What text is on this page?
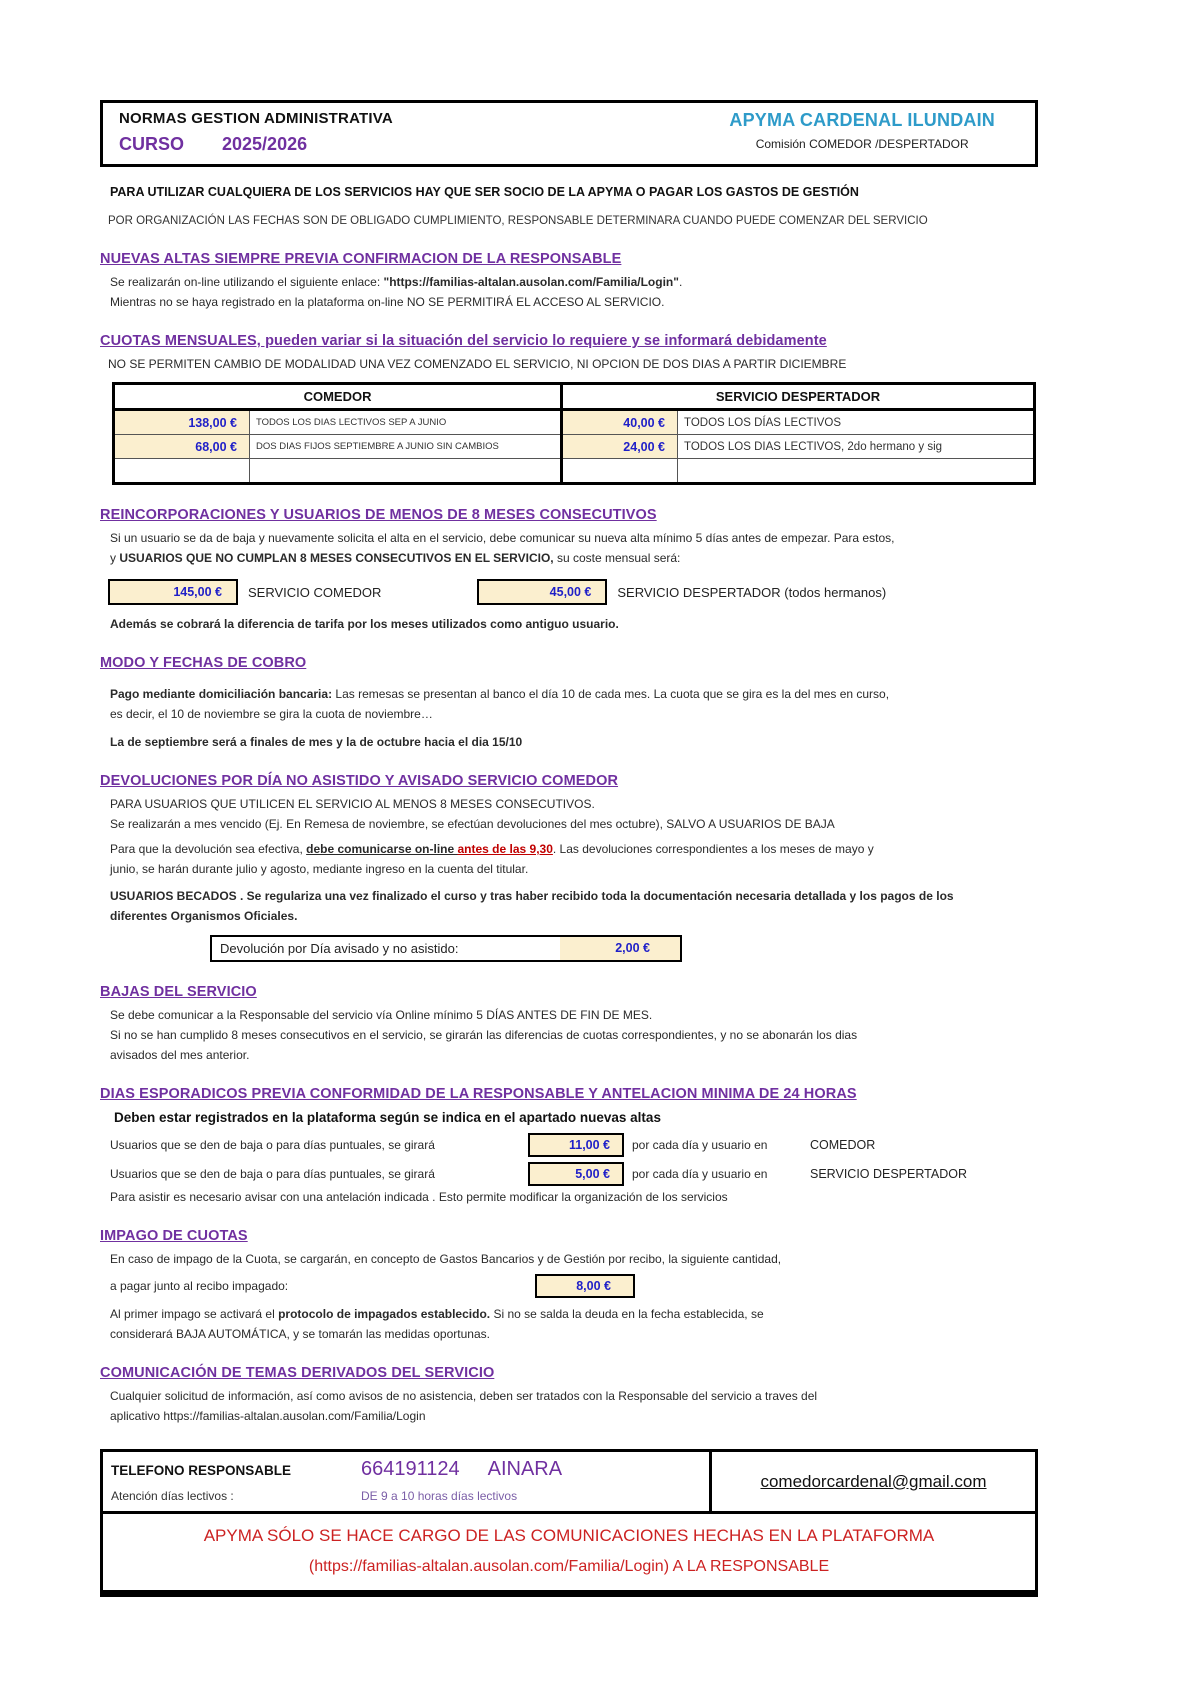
NORMAS GESTION ADMINISTRATIVA
CURSO 2025/2026
APYMA CARDENAL ILUNDAIN
Comisión COMEDOR /DESPERTADOR
PARA UTILIZAR CUALQUIERA DE LOS SERVICIOS HAY QUE SER SOCIO DE LA APYMA O PAGAR LOS GASTOS DE GESTIÓN
POR ORGANIZACIÓN LAS FECHAS SON DE OBLIGADO CUMPLIMIENTO, RESPONSABLE DETERMINARA CUANDO PUEDE COMENZAR DEL SERVICIO
NUEVAS ALTAS SIEMPRE PREVIA CONFIRMACION DE LA RESPONSABLE
Se realizarán on-line utilizando el siguiente enlace: "https://familias-altalan.ausolan.com/Familia/Login".
Mientras no se haya registrado en la plataforma on-line NO SE PERMITIRÁ EL ACCESO AL SERVICIO.
CUOTAS MENSUALES, pueden variar si la situación del servicio lo requiere y se informará debidamente
NO SE PERMITEN CAMBIO DE MODALIDAD UNA VEZ COMENZADO EL SERVICIO, NI OPCION DE DOS DIAS A PARTIR DICIEMBRE
COMEDOR		SERVICIO DESPERTADOR	
138,00 €	TODOS LOS DIAS LECTIVOS SEP A JUNIO	40,00 €	TODOS LOS DÍAS LECTIVOS
68,00 €	DOS DIAS FIJOS SEPTIEMBRE A JUNIO SIN CAMBIOS	24,00 €	TODOS LOS DIAS LECTIVOS, 2do hermano y sig

REINCORPORACIONES Y USUARIOS DE MENOS DE 8 MESES CONSECUTIVOS
Si un usuario se da de baja y nuevamente solicita el alta en el servicio, debe comunicar su nueva alta mínimo 5 días antes de empezar. Para estos,
y USUARIOS QUE NO CUMPLAN 8 MESES CONSECUTIVOS EN EL SERVICIO, su coste mensual será:
145,00 €	SERVICIO COMEDOR	45,00 €	SERVICIO DESPERTADOR (todos hermanos)
Además se cobrará la diferencia de tarifa por los meses utilizados como antiguo usuario.
MODO Y FECHAS DE COBRO
Pago mediante domiciliación bancaria: Las remesas se presentan al banco el día 10 de cada mes. La cuota que se gira es la del mes en curso,
es decir, el 10 de noviembre se gira la cuota de noviembre…
La de septiembre será a finales de mes y la de octubre hacia el dia 15/10
DEVOLUCIONES POR DÍA NO ASISTIDO Y AVISADO SERVICIO COMEDOR
PARA USUARIOS QUE UTILICEN EL SERVICIO AL MENOS 8 MESES CONSECUTIVOS.
Se realizarán a mes vencido (Ej. En Remesa de noviembre, se efectúan devoluciones del mes octubre), SALVO A USUARIOS DE BAJA
Para que la devolución sea efectiva, debe comunicarse on-line antes de las 9,30. Las devoluciones correspondientes a los meses de mayo y
junio, se harán durante julio y agosto, mediante ingreso en la cuenta del titular.
USUARIOS BECADOS . Se regulariza una vez finalizado el curso y tras haber recibido toda la documentación necesaria detallada y los pagos de los
diferentes Organismos Oficiales.
Devolución por Día avisado y no asistido:	2,00 €
BAJAS DEL SERVICIO
Se debe comunicar a la Responsable del servicio vía Online mínimo 5 DÍAS ANTES DE FIN DE MES.
Si no se han cumplido 8 meses consecutivos en el servicio, se girarán las diferencias de cuotas correspondientes, y no se abonarán los dias
avisados del mes anterior.
DIAS ESPORADICOS PREVIA CONFORMIDAD DE LA RESPONSABLE Y ANTELACION MINIMA DE 24 HORAS
Deben estar registrados en la plataforma según se indica en el apartado nuevas altas
Usuarios que se den de baja o para días puntuales, se girará	11,00 €	por cada día y usuario en	COMEDOR
Usuarios que se den de baja o para días puntuales, se girará	5,00 €	por cada día y usuario en	SERVICIO DESPERTADOR
Para asistir es necesario avisar con una antelación indicada . Esto permite modificar la organización de los servicios
IMPAGO DE CUOTAS
En caso de impago de la Cuota, se cargarán, en concepto de Gastos Bancarios y de Gestión por recibo, la siguiente cantidad,
a pagar junto al recibo impagado:	8,00 €
Al primer impago se activará el protocolo de impagados establecido. Si no se salda la deuda en la fecha establecida, se
considerará BAJA AUTOMÁTICA, y se tomarán las medidas oportunas.
COMUNICACIÓN DE TEMAS DERIVADOS DEL SERVICIO
Cualquier solicitud de información, así como avisos de no asistencia, deben ser tratados con la Responsable del servicio a traves del
aplicativo https://familias-altalan.ausolan.com/Familia/Login
TELEFONO RESPONSABLE	664191124 AINARA
Atención días lectivos :	DE 9 a 10 horas días lectivos
comedorcardenal@gmail.com
APYMA SÓLO SE HACE CARGO DE LAS COMUNICACIONES HECHAS EN LA PLATAFORMA
(https://familias-altalan.ausolan.com/Familia/Login) A LA RESPONSABLE
